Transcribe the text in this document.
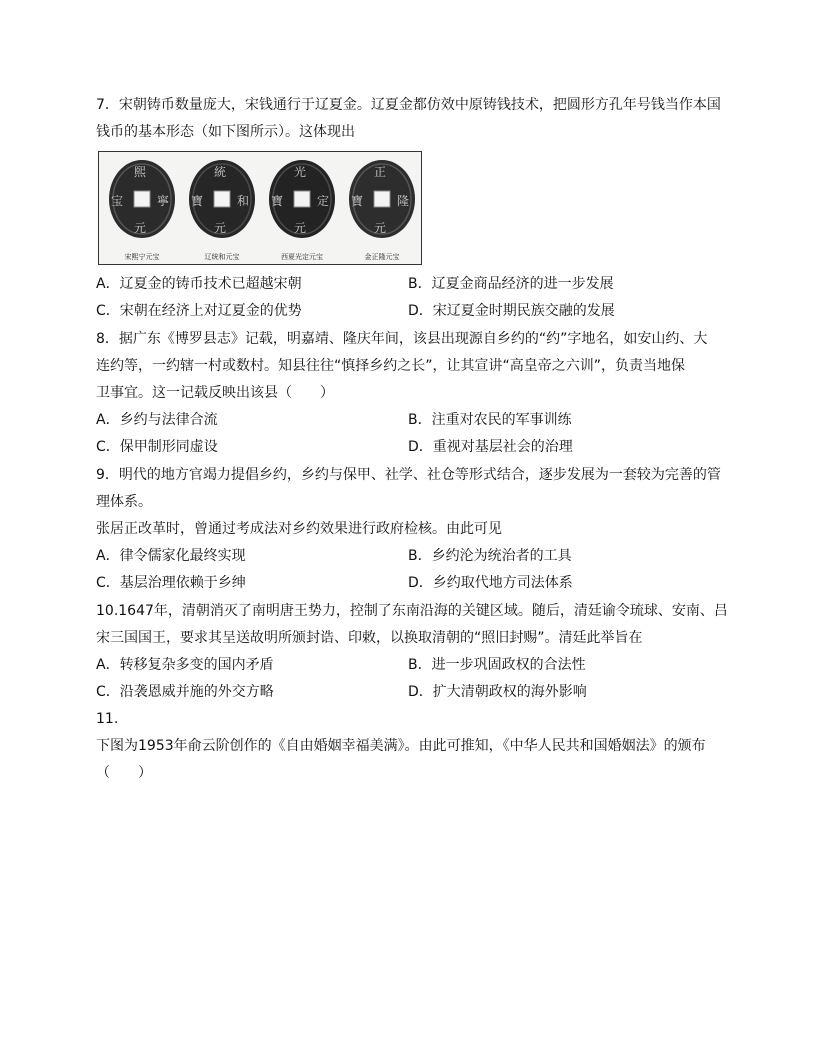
7．宋朝铸币数量庞大，宋钱通行于辽夏金。辽夏金都仿效中原铸钱技术，把圆形方孔年号钱当作本国
钱币的基本形态（如下图所示）。这体现出
熙
寧
元
宝
統
和
元
寶
光
定
元
寶
正
隆
元
寶
宋熙宁元宝	辽统和元宝	西夏光定元宝	金正隆元宝
A．辽夏金的铸币技术已超越宋朝	B．辽夏金商品经济的进一步发展
C．宋朝在经济上对辽夏金的优势	D．宋辽夏金时期民族交融的发展
8．据广东《博罗县志》记载，明嘉靖、隆庆年间，该县出现源自乡约的“约”字地名，如安山约、大
连约等，一约辖一村或数村。知县往往“慎择乡约之长”，让其宣讲“高皇帝之六训”，负责当地保
卫事宜。这一记载反映出该县（　　）
A．乡约与法律合流	B．注重对农民的军事训练
C．保甲制形同虚设	D．重视对基层社会的治理
9．明代的地方官竭力提倡乡约，乡约与保甲、社学、社仓等形式结合，逐步发展为一套较为完善的管
理体系。
张居正改革时，曾通过考成法对乡约效果进行政府检核。由此可见
A．律令儒家化最终实现	B．乡约沦为统治者的工具
C．基层治理依赖于乡绅	D．乡约取代地方司法体系
10.1647年，清朝消灭了南明唐王势力，控制了东南沿海的关键区域。随后，清廷谕令琉球、安南、吕
宋三国国王，要求其呈送故明所颁封诰、印敕，以换取清朝的“照旧封赐”。清廷此举旨在
A．转移复杂多变的国内矛盾	B．进一步巩固政权的合法性
C．沿袭恩威并施的外交方略	D．扩大清朝政权的海外影响
11.
下图为1953年俞云阶创作的《自由婚姻幸福美满》。由此可推知，《中华人民共和国婚姻法》的颁布
（　　）
